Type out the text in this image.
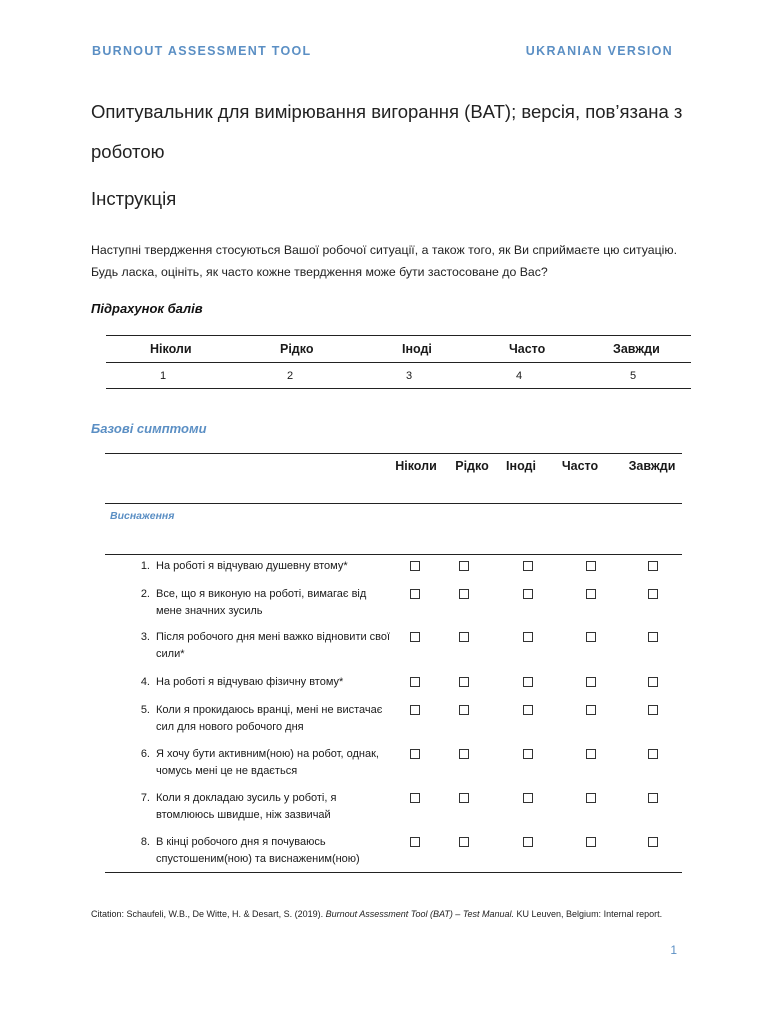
BURNOUT ASSESSMENT TOOL	UKRANIAN VERSION
Опитувальник для вимірювання вигорання (BAT); версія, пов’язана з роботою
Інструкція
Наступні твердження стосуються Вашої робочої ситуації, а також того, як Ви сприймаєте цю ситуацію. Будь ласка, оцініть, як часто кожне твердження може бути застосоване до Вас?
Підрахунок балів
Ніколи	Рідко	Іноді	Часто	Завжди
1	2	3	4	5
Базові симптоми
Ніколи	Рідко	Іноді	Часто	Завжди
Виснаження
1. На роботі я відчуваю душевну втому*
2. Все, що я виконую на роботі, вимагає від мене значних зусиль
3. Після робочого дня мені важко відновити свої сили*
4. На роботі я відчуваю фізичну втому*
5. Коли я прокидаюсь вранці, мені не вистачає сил для нового робочого дня
6. Я хочу бути активним(ною) на робот, однак, чомусь мені це не вдається
7. Коли я докладаю зусиль у роботі, я втомлююсь швидше, ніж зазвичай
8. В кінці робочого дня я почуваюсь спустошеним(ною) та виснаженим(ною)
Citation: Schaufeli, W.B., De Witte, H. & Desart, S. (2019). Burnout Assessment Tool (BAT) – Test Manual. KU Leuven, Belgium: Internal report.
1
